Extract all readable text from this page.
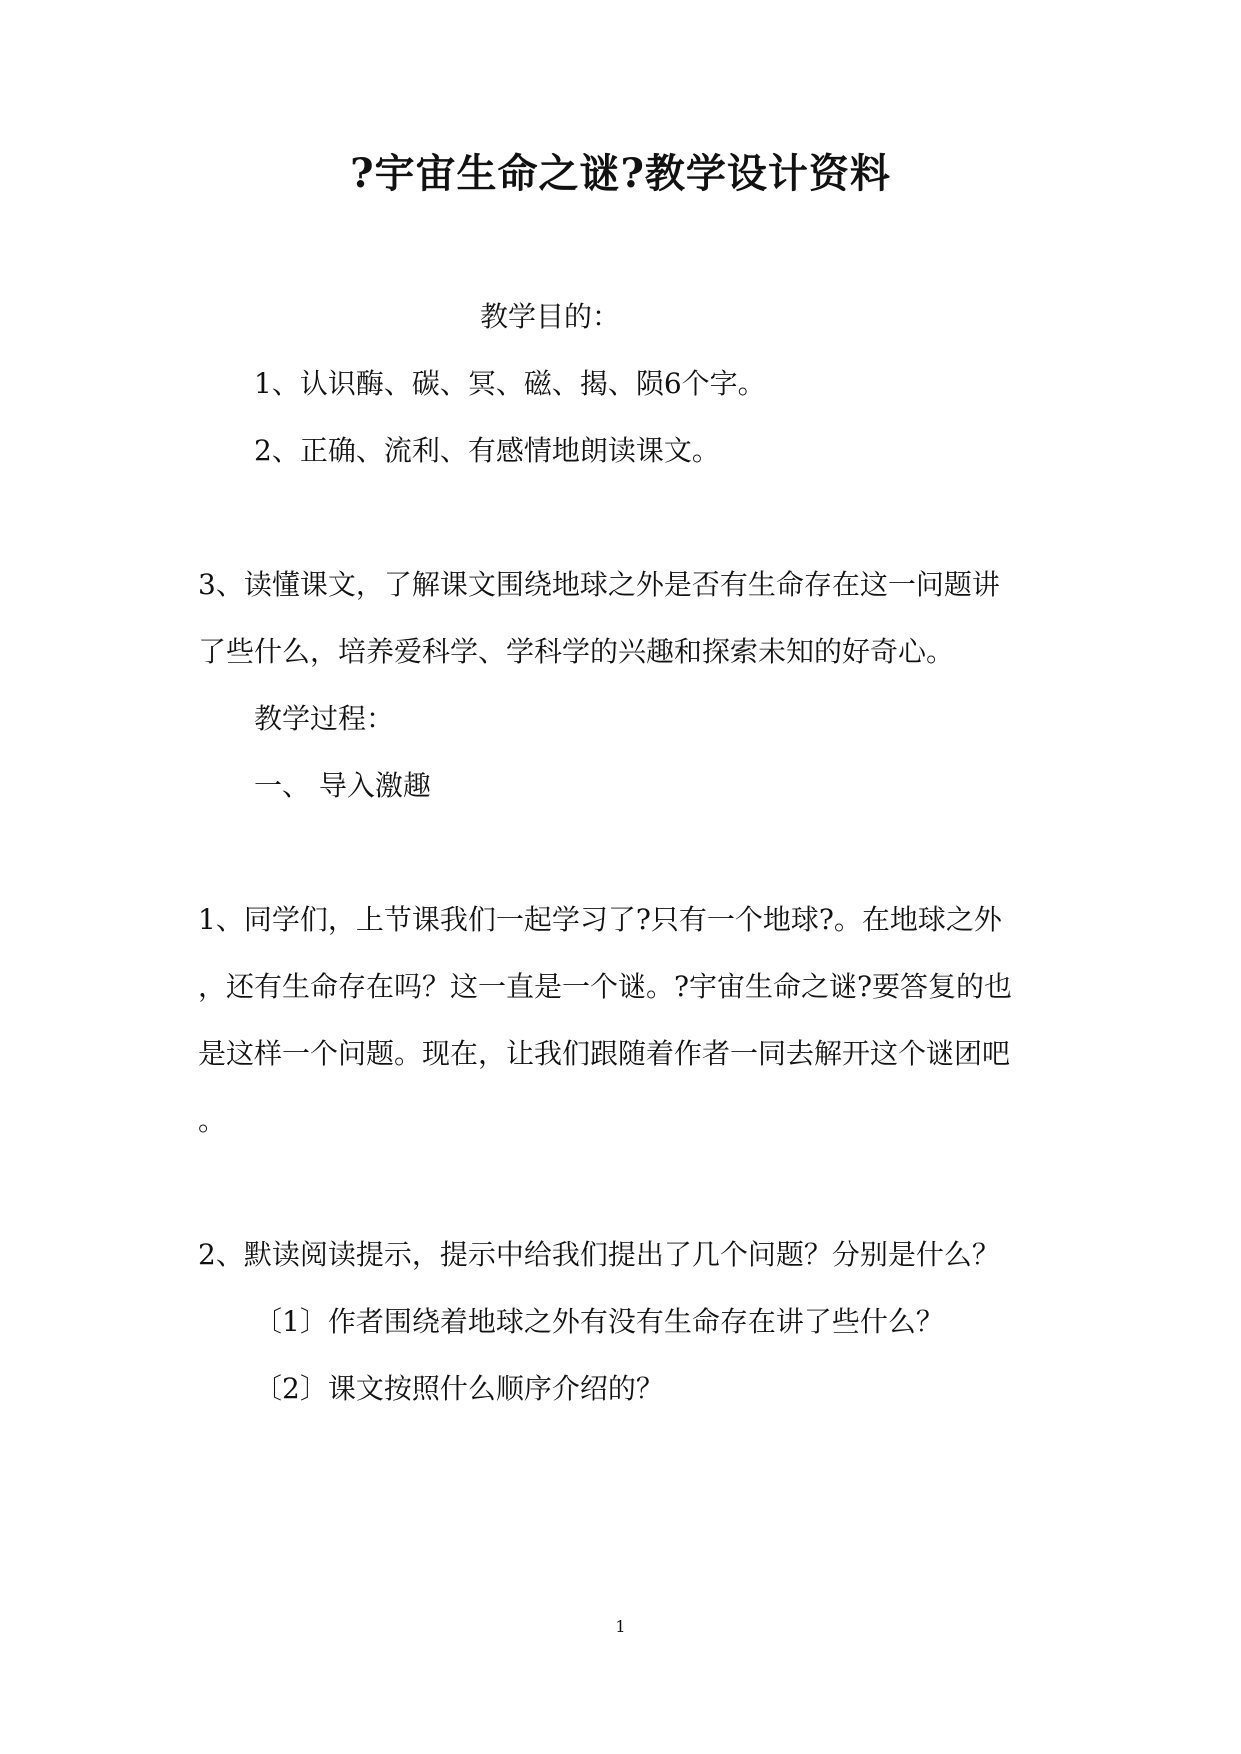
?宇宙生命之谜?教学设计资料
教学目的：
1、认识酶、碳、冥、磁、揭、陨6个字。
2、正确、流利、有感情地朗读课文。
3、读懂课文，了解课文围绕地球之外是否有生命存在这一问题讲
了些什么，培养爱科学、学科学的兴趣和探索未知的好奇心。
教学过程：
一、 导入激趣
1、同学们，上节课我们一起学习了?只有一个地球?。在地球之外
，还有生命存在吗？这一直是一个谜。?宇宙生命之谜?要答复的也
是这样一个问题。现在，让我们跟随着作者一同去解开这个谜团吧
。
2、默读阅读提示，提示中给我们提出了几个问题？分别是什么？
〔1〕作者围绕着地球之外有没有生命存在讲了些什么？
〔2〕课文按照什么顺序介绍的？
1
